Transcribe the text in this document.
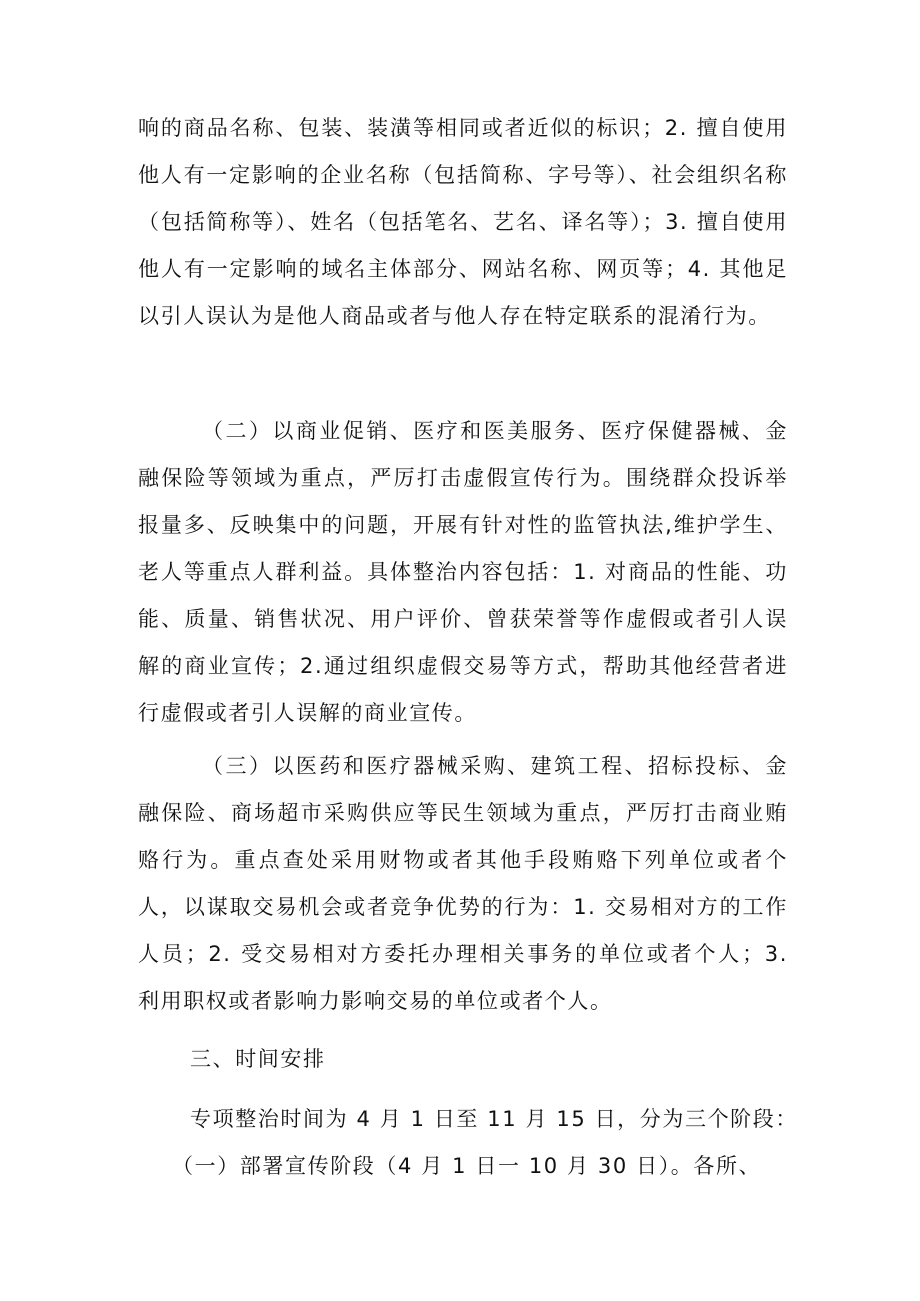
响的商品名称、包装、装潢等相同或者近似的标识；2. 擅自使用他人有一定影响的企业名称（包括简称、字号等）、社会组织名称（包括简称等）、姓名（包括笔名、艺名、译名等）；3. 擅自使用他人有一定影响的域名主体部分、网站名称、网页等；4. 其他足以引人误认为是他人商品或者与他人存在特定联系的混淆行为。

（二）以商业促销、医疗和医美服务、医疗保健器械、金融保险等领域为重点，严厉打击虚假宣传行为。围绕群众投诉举报量多、反映集中的问题，开展有针对性的监管执法,维护学生、老人等重点人群利益。具体整治内容包括：1. 对商品的性能、功能、质量、销售状况、用户评价、曾获荣誉等作虚假或者引人误解的商业宣传；2.通过组织虚假交易等方式，帮助其他经营者进行虚假或者引人误解的商业宣传。

（三）以医药和医疗器械采购、建筑工程、招标投标、金融保险、商场超市采购供应等民生领域为重点，严厉打击商业贿赂行为。重点查处采用财物或者其他手段贿赂下列单位或者个人，以谋取交易机会或者竞争优势的行为：1. 交易相对方的工作人员；2. 受交易相对方委托办理相关事务的单位或者个人；3. 利用职权或者影响力影响交易的单位或者个人。

三、时间安排

专项整治时间为 4 月 1 日至 11 月 15 日，分为三个阶段：

（一）部署宣传阶段（4 月 1 日一 10 月 30 日）。各所、
